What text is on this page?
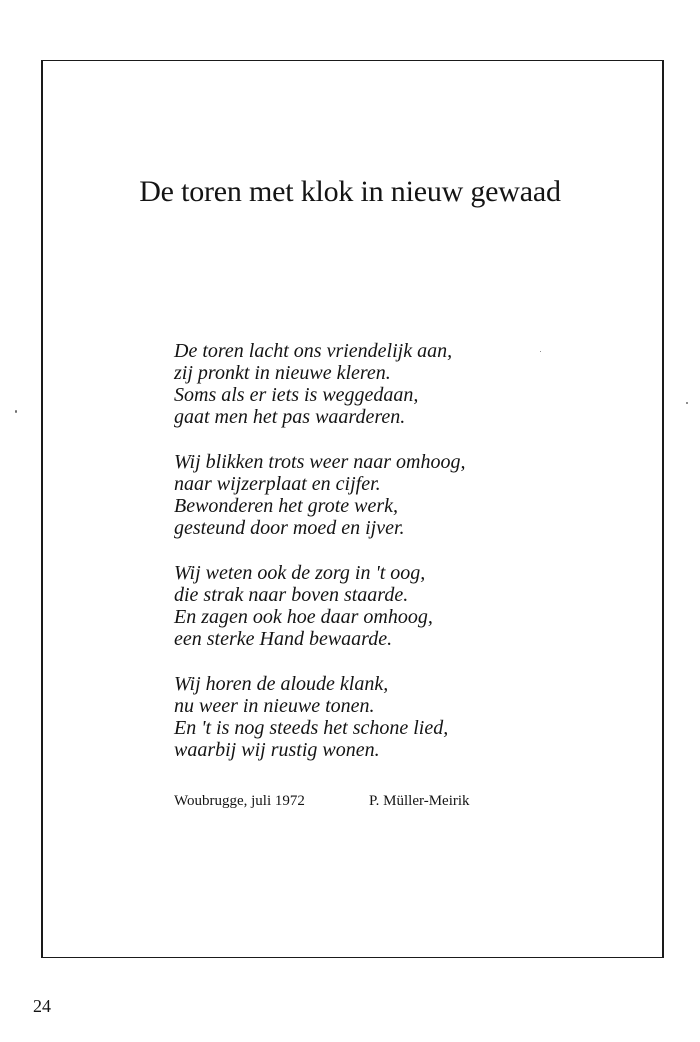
De toren met klok in nieuw gewaad
De toren lacht ons vriendelijk aan,
zij pronkt in nieuwe kleren.
Soms als er iets is weggedaan,
gaat men het pas waarderen.
Wij blikken trots weer naar omhoog,
naar wijzerplaat en cijfer.
Bewonderen het grote werk,
gesteund door moed en ijver.
Wij weten ook de zorg in 't oog,
die strak naar boven staarde.
En zagen ook hoe daar omhoog,
een sterke Hand bewaarde.
Wij horen de aloude klank,
nu weer in nieuwe tonen.
En 't is nog steeds het schone lied,
waarbij wij rustig wonen.
Woubrugge, juli 1972	P. Müller-Meirik
24
